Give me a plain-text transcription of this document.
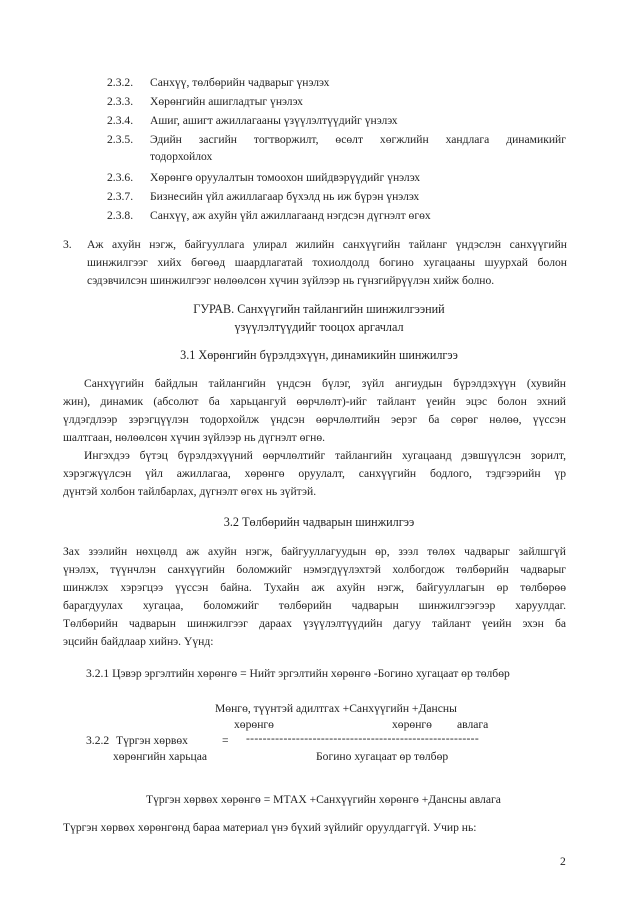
2.3.2. Санхүү, төлбөрийн чадварыг үнэлэх
2.3.3. Хөрөнгийн ашигладтыг үнэлэх
2.3.4. Ашиг, ашигт ажиллагааны үзүүлэлтүүдийг үнэлэх
2.3.5. Эдийн засгийн тогтворжилт, өсөлт хөгжлийн хандлага динамикийг
тодорхойлох
2.3.6. Хөрөнгө оруулалтын томоохон шийдвэрүүдийг үнэлэх
2.3.7. Бизнесийн үйл ажиллагаар бүхэлд нь иж бүрэн үнэлэх
2.3.8. Санхүү, аж ахуйн үйл ажиллагаанд нэгдсэн дүгнэлт өгөх
3. Аж ахуйн нэгж, байгууллага улирал жилийн санхүүгийн тайланг үндэслэн санхүүгийн
шинжилгээг хийх бөгөөд шаардлагатай тохиолдолд богино хугацааны шуурхай болон
сэдэвчилсэн шинжилгээг нөлөөлсөн хүчин зүйлээр нь гүнзгийрүүлэн хийж болно.
ГУРАВ. Санхүүгийн тайлангийн шинжилгээний
үзүүлэлтүүдийг тооцох аргачлал
3.1 Хөрөнгийн бүрэлдэхүүн, динамикийн шинжилгээ
Санхүүгийн байдлын тайлангийн үндсэн бүлэг, зүйл ангиудын бүрэлдэхүүн (хувийн
жин), динамик (абсолют ба харьцангуй өөрчлөлт)-ийг тайлант үеийн эцэс болон эхний
үлдэгдлээр зэрэгцүүлэн тодорхойлж үндсэн өөрчлөлтийн эерэг ба сөрөг нөлөө, үүссэн
шалтгаан, нөлөөлсөн хүчин зүйлээр нь дүгнэлт өгнө.
Ингэхдээ бүтэц бүрэлдэхүүний өөрчлөлтийг тайлангийн хугацаанд дэвшүүлсэн зорилт,
хэрэгжүүлсэн үйл ажиллагаа, хөрөнгө оруулалт, санхүүгийн бодлого, тэдгээрийн үр
дүнтэй холбон тайлбарлах, дүгнэлт өгөх нь зүйтэй.
3.2 Төлбөрийн чадварын шинжилгээ
Зах зээлийн нөхцөлд аж ахуйн нэгж, байгууллагуудын өр, зээл төлөх чадварыг зайлшгүй
үнэлэх, түүнчлэн санхүүгийн боломжийг нэмэгдүүлэхтэй холбогдож төлбөрийн чадварыг
шинжлэх хэрэгцээ үүссэн байна. Тухайн аж ахуйн нэгж, байгууллагын өр төлбөрөө
барагдуулах хугацаа, боломжийг төлбөрийн чадварын шинжилгээгээр харуулдаг.
Төлбөрийн чадварын шинжилгээг дараах үзүүлэлтүүдийн дагуу тайлант үеийн эхэн ба
эцсийн байдлаар хийнэ. Үүнд:
3.2.1 Цэвэр эргэлтийн хөрөнгө = Нийт эргэлтийн хөрөнгө -Богино хугацаат өр төлбөр
Мөнгө, түүнтэй адилтгах +Санхүүгийн +Дансны
хөрөнгө	хөрөнгө авлага
3.2.2 Түргэн хөрвөх	= --------------------------------------------------------
хөрөнгийн харьцаа	Богино хугацаат өр төлбөр
Түргэн хөрвөх хөрөнгө = МТАХ +Санхүүгийн хөрөнгө +Дансны авлага
Түргэн хөрвөх хөрөнгөнд бараа материал үнэ бүхий зүйлийг оруулдаггүй. Учир нь:
2
